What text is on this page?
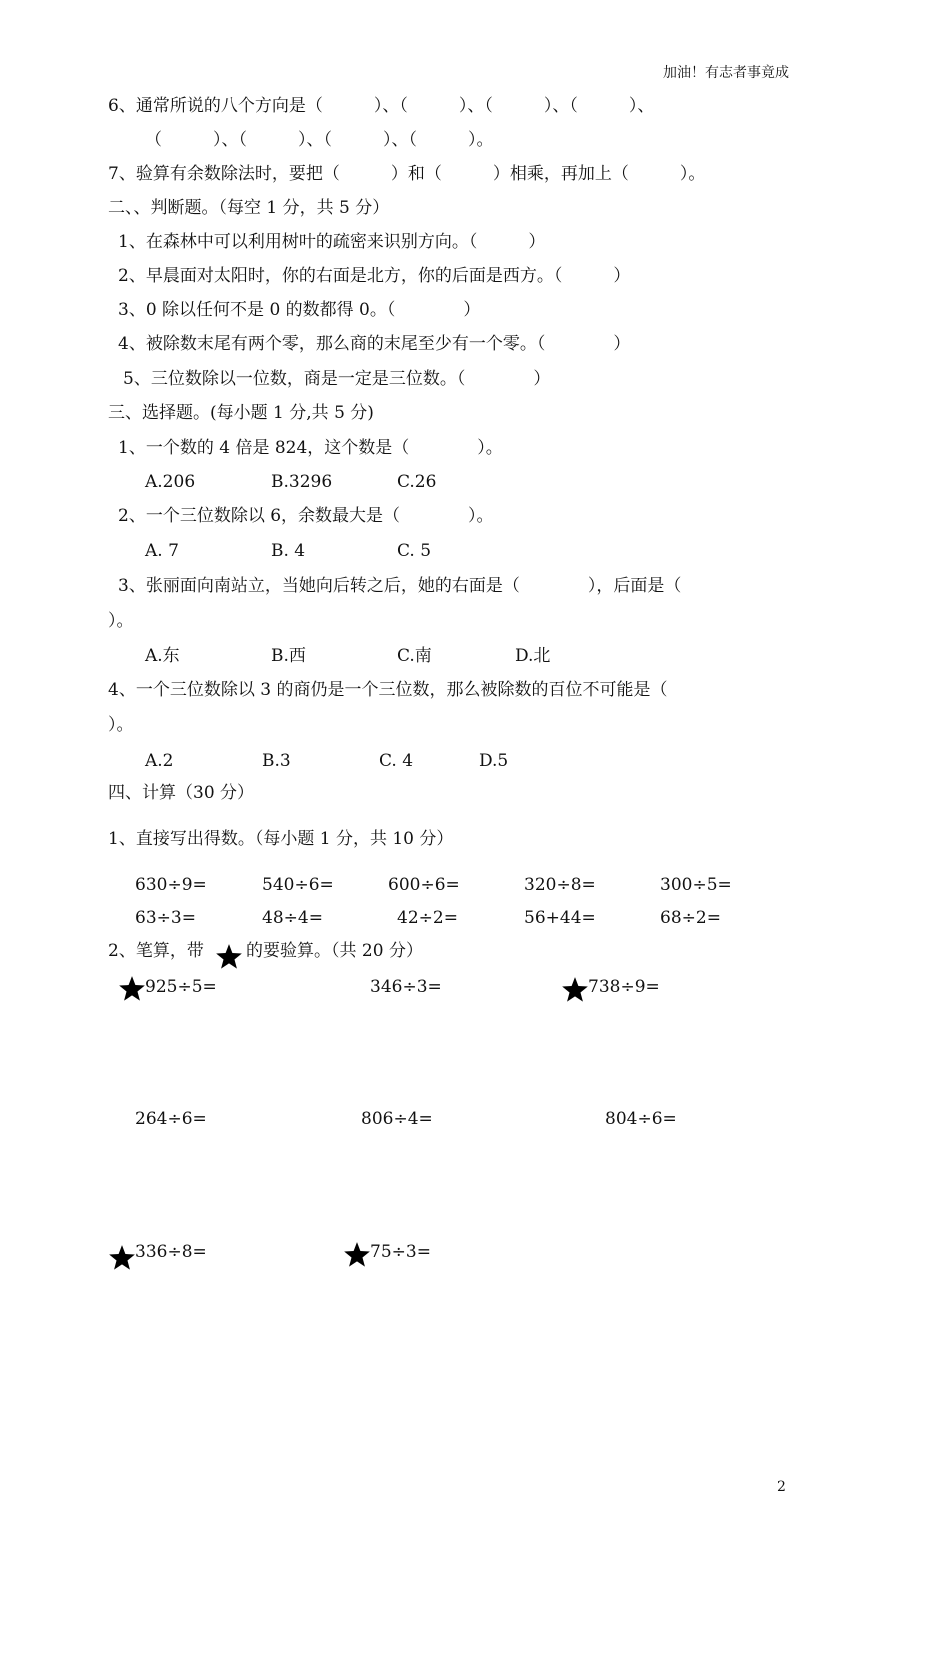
加油！有志者事竟成
6、通常所说的八个方向是（　　　）、（　　　）、（　　　）、（　　　）、
（　　　）、（　　　）、（　　　）、（　　　）。
7、验算有余数除法时，要把（　　　）和（　　　）相乘，再加上（　　　）。
二、、判断题。（每空 1 分，共 5 分）
1、在森林中可以利用树叶的疏密来识别方向。（　　　）
2、早晨面对太阳时，你的右面是北方，你的后面是西方。（　　　）
3、0 除以任何不是 0 的数都得 0。（　　　　）
4、被除数末尾有两个零，那么商的末尾至少有一个零。（　　　　）
5、三位数除以一位数，商是一定是三位数。（　　　　）
三、选择题。(每小题 1 分,共 5 分)
1、一个数的 4 倍是 824，这个数是（　　　　）。
A.206	B.3296	C.26
2、一个三位数除以 6，余数最大是（　　　　）。
A. 7	B. 4	C. 5
3、张丽面向南站立，当她向后转之后，她的右面是（　　　　），后面是（
）。
A.东	B.西	C.南	D.北
4、一个三位数除以 3 的商仍是一个三位数，那么被除数的百位不可能是（
）。
A.2	B.3	C. 4	D.5
四、计算（30 分）
1、直接写出得数。（每小题 1 分，共 10 分）
630÷9=	540÷6=	600÷6=	320÷8=	300÷5=
63÷3=	48÷4=	42÷2=	56+44=	68÷2=
2、笔算，带 的要验算。（共 20 分）
925÷5=	346÷3=	738÷9=
264÷6=	806÷4=	804÷6=
336÷8=	75÷3=
2
